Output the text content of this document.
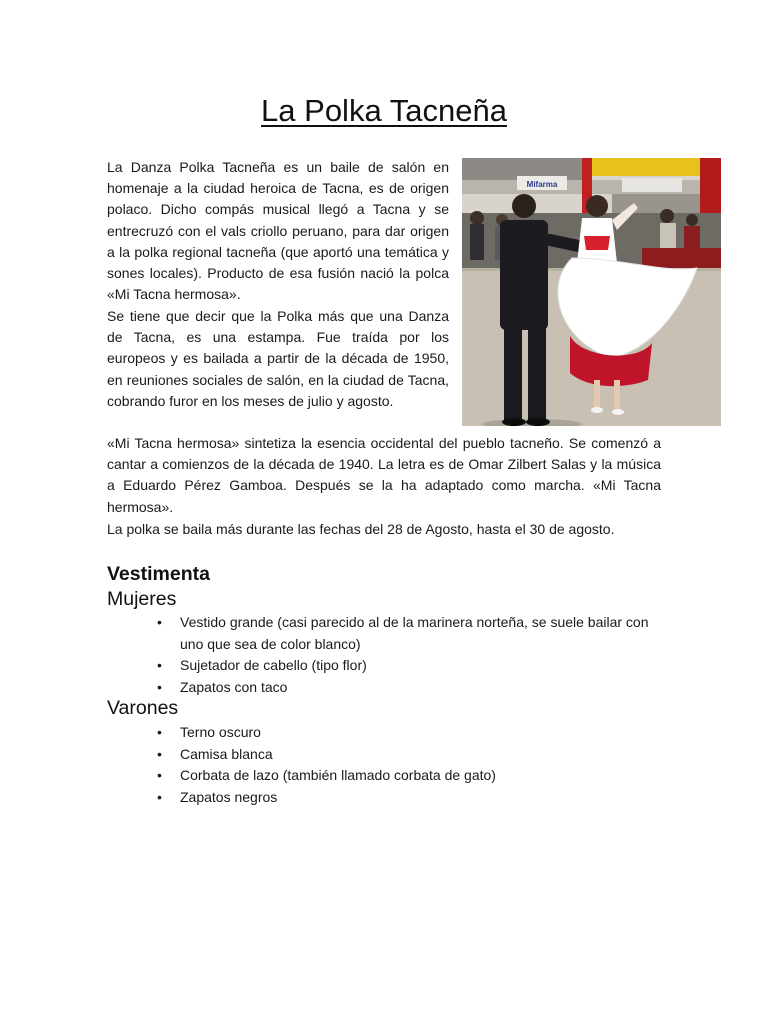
La Polka Tacneña
Mifarma

La Danza Polka Tacneña es un baile de salón en homenaje a la ciudad heroica de Tacna, es de origen polaco. Dicho compás musical llegó a Tacna y se entrecruzó con el vals criollo peruano, para dar origen a la polka regional tacneña (que aportó una temática y sones locales). Producto de esa fusión nació la polca «Mi Tacna hermosa».

Se tiene que decir que la Polka más que una Danza de Tacna, es una estampa. Fue traída por los europeos y es bailada a partir de la década de 1950, en reuniones sociales de salón, en la ciudad de Tacna, cobrando furor en los meses de julio y agosto.

«Mi Tacna hermosa» sintetiza la esencia occidental del pueblo tacneño. Se comenzó a cantar a comienzos de la década de 1940. La letra es de Omar Zilbert Salas y la música a Eduardo Pérez Gamboa. Después se la ha adaptado como marcha. «Mi Tacna hermosa».

La polka se baila más durante las fechas del 28 de Agosto, hasta el 30 de agosto.

Vestimenta
Mujeres
• Vestido grande (casi parecido al de la marinera norteña, se suele bailar con uno que sea de color blanco)
• Sujetador de cabello (tipo flor)
• Zapatos con taco
Varones
• Terno oscuro
• Camisa blanca
• Corbata de lazo (también llamado corbata de gato)
• Zapatos negros
